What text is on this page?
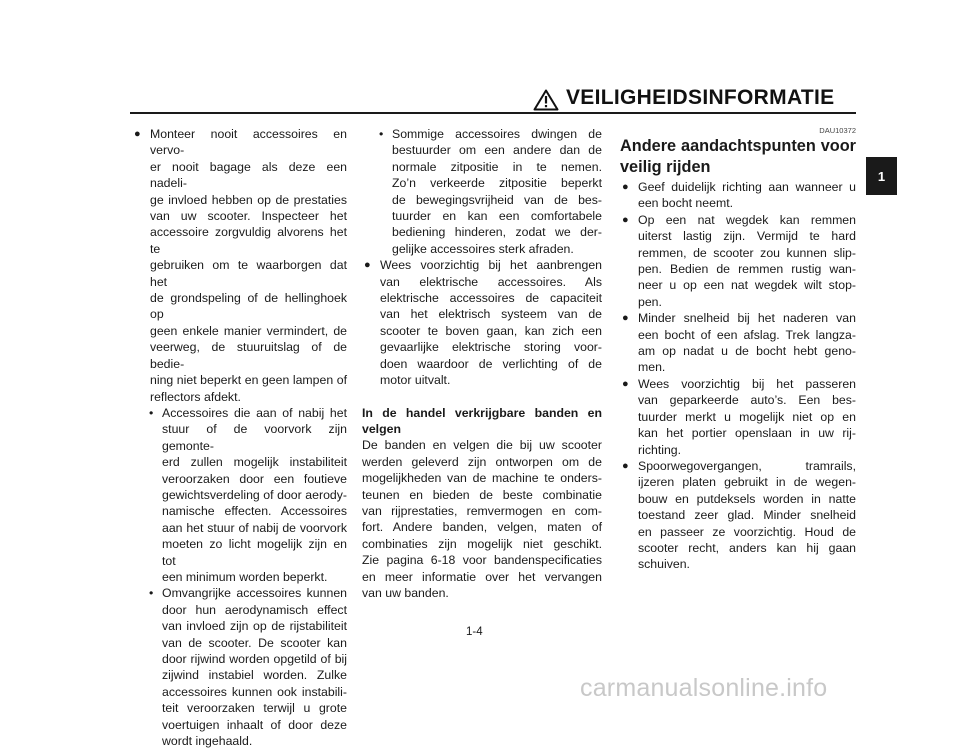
VEILIGHEIDSINFORMATIE
1
● Monteer nooit accessoires en vervo-
er nooit bagage als deze een nadeli-
ge invloed hebben op de prestaties
van uw scooter. Inspecteer het
accessoire zorgvuldig alvorens het te
gebruiken om te waarborgen dat het
de grondspeling of de hellinghoek op
geen enkele manier vermindert, de
veerweg, de stuuruitslag of de bedie-
ning niet beperkt en geen lampen of
reflectors afdekt.
• Accessoires die aan of nabij het
stuur of de voorvork zijn gemonte-
erd zullen mogelijk instabiliteit
veroorzaken door een foutieve
gewichtsverdeling of door aerody-
namische effecten. Accessoires
aan het stuur of nabij de voorvork
moeten zo licht mogelijk zijn en tot
een minimum worden beperkt.
• Omvangrijke accessoires kunnen
door hun aerodynamisch effect
van invloed zijn op de rijstabiliteit
van de scooter. De scooter kan
door rijwind worden opgetild of bij
zijwind instabiel worden. Zulke
accessoires kunnen ook instabili-
teit veroorzaken terwijl u grote
voertuigen inhaalt of door deze
wordt ingehaald.
• Sommige accessoires dwingen de
bestuurder om een andere dan de
normale zitpositie in te nemen.
Zo’n verkeerde zitpositie beperkt
de bewegingsvrijheid van de bes-
tuurder en kan een comfortabele
bediening hinderen, zodat we der-
gelijke accessoires sterk afraden.
● Wees voorzichtig bij het aanbrengen
van elektrische accessoires. Als
elektrische accessoires de capaciteit
van het elektrisch systeem van de
scooter te boven gaan, kan zich een
gevaarlijke elektrische storing voor-
doen waardoor de verlichting of de
motor uitvalt.
In de handel verkrijgbare banden en
velgen
De banden en velgen die bij uw scooter
werden geleverd zijn ontworpen om de
mogelijkheden van de machine te onders-
teunen en bieden de beste combinatie
van rijprestaties, remvermogen en com-
fort. Andere banden, velgen, maten of
combinaties zijn mogelijk niet geschikt.
Zie pagina 6-18 voor bandenspecificaties
en meer informatie over het vervangen
van uw banden.
DAU10372
Andere aandachtspunten voor
veilig rijden
● Geef duidelijk richting aan wanneer u
een bocht neemt.
● Op een nat wegdek kan remmen
uiterst lastig zijn. Vermijd te hard
remmen, de scooter zou kunnen slip-
pen. Bedien de remmen rustig wan-
neer u op een nat wegdek wilt stop-
pen.
● Minder snelheid bij het naderen van
een bocht of een afslag. Trek langza-
am op nadat u de bocht hebt geno-
men.
● Wees voorzichtig bij het passeren
van geparkeerde auto’s. Een bes-
tuurder merkt u mogelijk niet op en
kan het portier openslaan in uw rij-
richting.
● Spoorwegovergangen, tramrails,
ijzeren platen gebruikt in de wegen-
bouw en putdeksels worden in natte
toestand zeer glad. Minder snelheid
en passeer ze voorzichtig. Houd de
scooter recht, anders kan hij gaan
schuiven.
1-4
carmanualsonline.info
